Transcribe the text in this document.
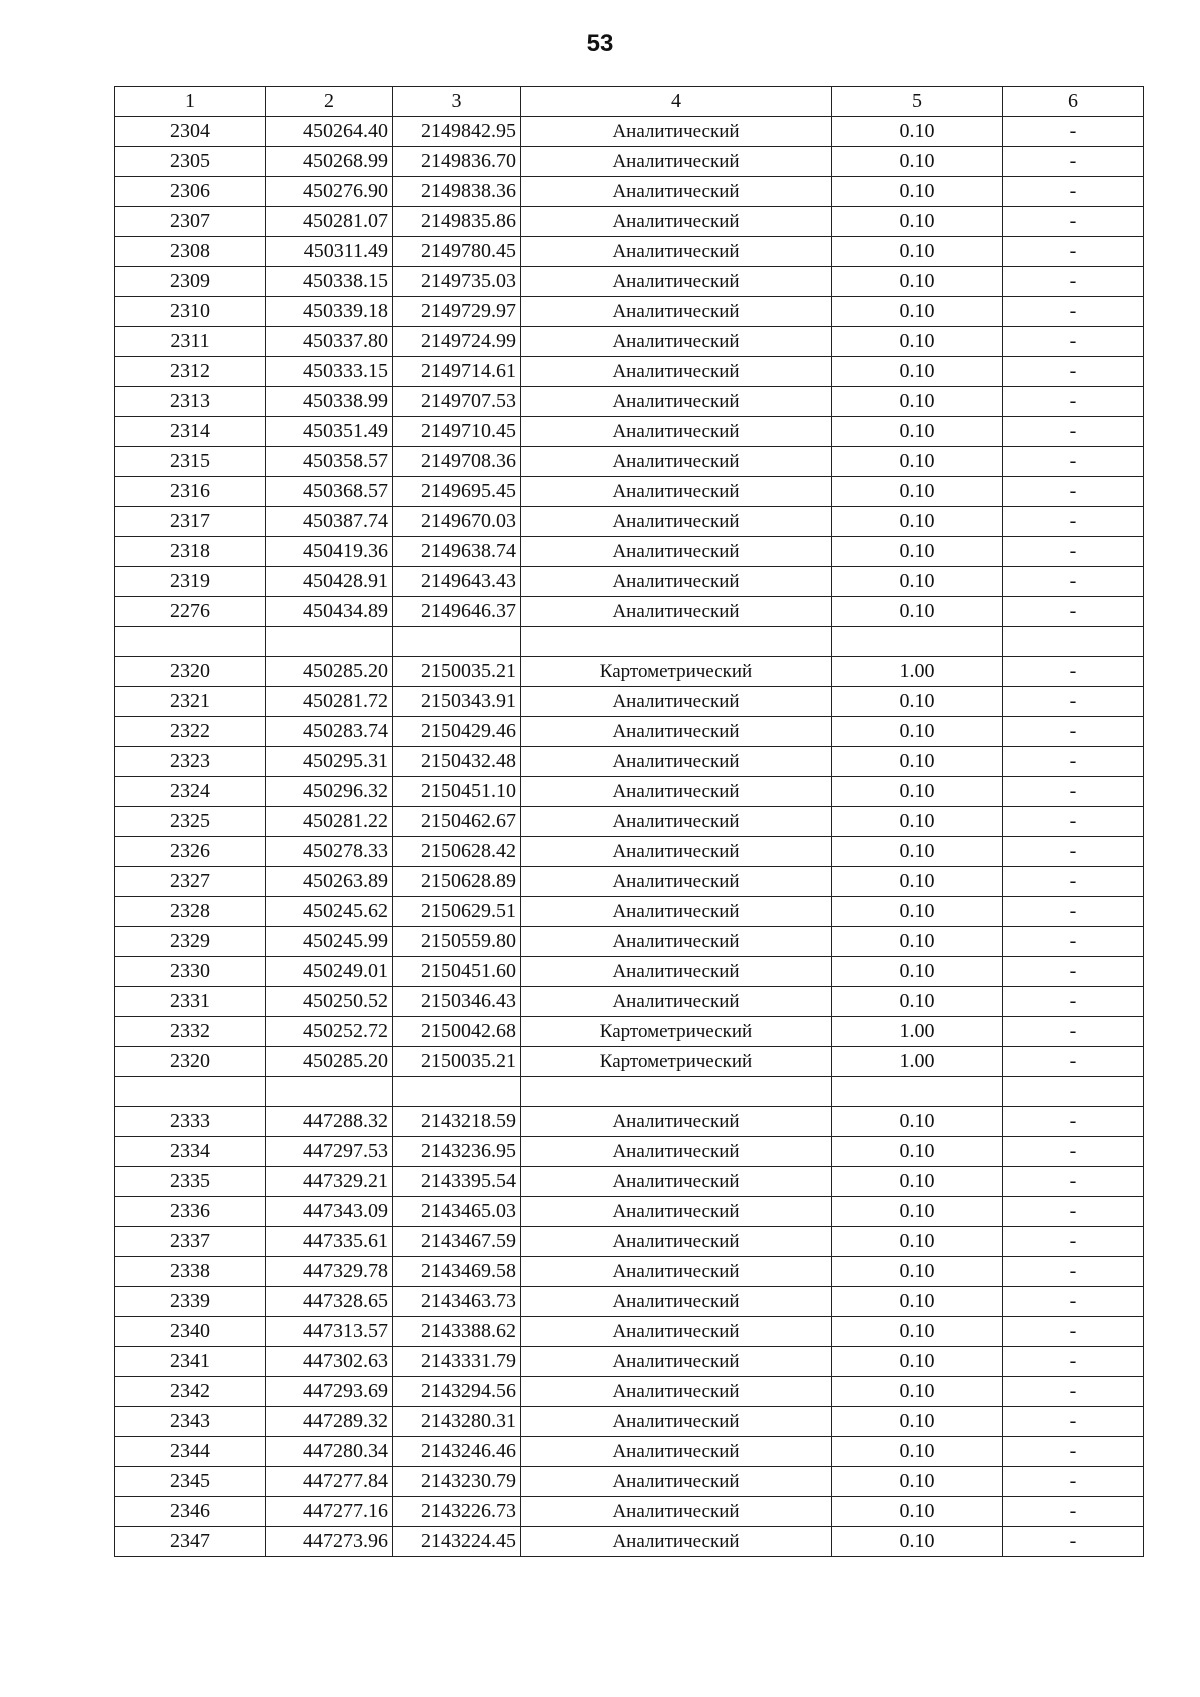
53
1	2	3	4	5	6
2304	450264.40	2149842.95	Аналитический	0.10	-
2305	450268.99	2149836.70	Аналитический	0.10	-
2306	450276.90	2149838.36	Аналитический	0.10	-
2307	450281.07	2149835.86	Аналитический	0.10	-
2308	450311.49	2149780.45	Аналитический	0.10	-
2309	450338.15	2149735.03	Аналитический	0.10	-
2310	450339.18	2149729.97	Аналитический	0.10	-
2311	450337.80	2149724.99	Аналитический	0.10	-
2312	450333.15	2149714.61	Аналитический	0.10	-
2313	450338.99	2149707.53	Аналитический	0.10	-
2314	450351.49	2149710.45	Аналитический	0.10	-
2315	450358.57	2149708.36	Аналитический	0.10	-
2316	450368.57	2149695.45	Аналитический	0.10	-
2317	450387.74	2149670.03	Аналитический	0.10	-
2318	450419.36	2149638.74	Аналитический	0.10	-
2319	450428.91	2149643.43	Аналитический	0.10	-
2276	450434.89	2149646.37	Аналитический	0.10	-

2320	450285.20	2150035.21	Картометрический	1.00	-
2321	450281.72	2150343.91	Аналитический	0.10	-
2322	450283.74	2150429.46	Аналитический	0.10	-
2323	450295.31	2150432.48	Аналитический	0.10	-
2324	450296.32	2150451.10	Аналитический	0.10	-
2325	450281.22	2150462.67	Аналитический	0.10	-
2326	450278.33	2150628.42	Аналитический	0.10	-
2327	450263.89	2150628.89	Аналитический	0.10	-
2328	450245.62	2150629.51	Аналитический	0.10	-
2329	450245.99	2150559.80	Аналитический	0.10	-
2330	450249.01	2150451.60	Аналитический	0.10	-
2331	450250.52	2150346.43	Аналитический	0.10	-
2332	450252.72	2150042.68	Картометрический	1.00	-
2320	450285.20	2150035.21	Картометрический	1.00	-

2333	447288.32	2143218.59	Аналитический	0.10	-
2334	447297.53	2143236.95	Аналитический	0.10	-
2335	447329.21	2143395.54	Аналитический	0.10	-
2336	447343.09	2143465.03	Аналитический	0.10	-
2337	447335.61	2143467.59	Аналитический	0.10	-
2338	447329.78	2143469.58	Аналитический	0.10	-
2339	447328.65	2143463.73	Аналитический	0.10	-
2340	447313.57	2143388.62	Аналитический	0.10	-
2341	447302.63	2143331.79	Аналитический	0.10	-
2342	447293.69	2143294.56	Аналитический	0.10	-
2343	447289.32	2143280.31	Аналитический	0.10	-
2344	447280.34	2143246.46	Аналитический	0.10	-
2345	447277.84	2143230.79	Аналитический	0.10	-
2346	447277.16	2143226.73	Аналитический	0.10	-
2347	447273.96	2143224.45	Аналитический	0.10	-
